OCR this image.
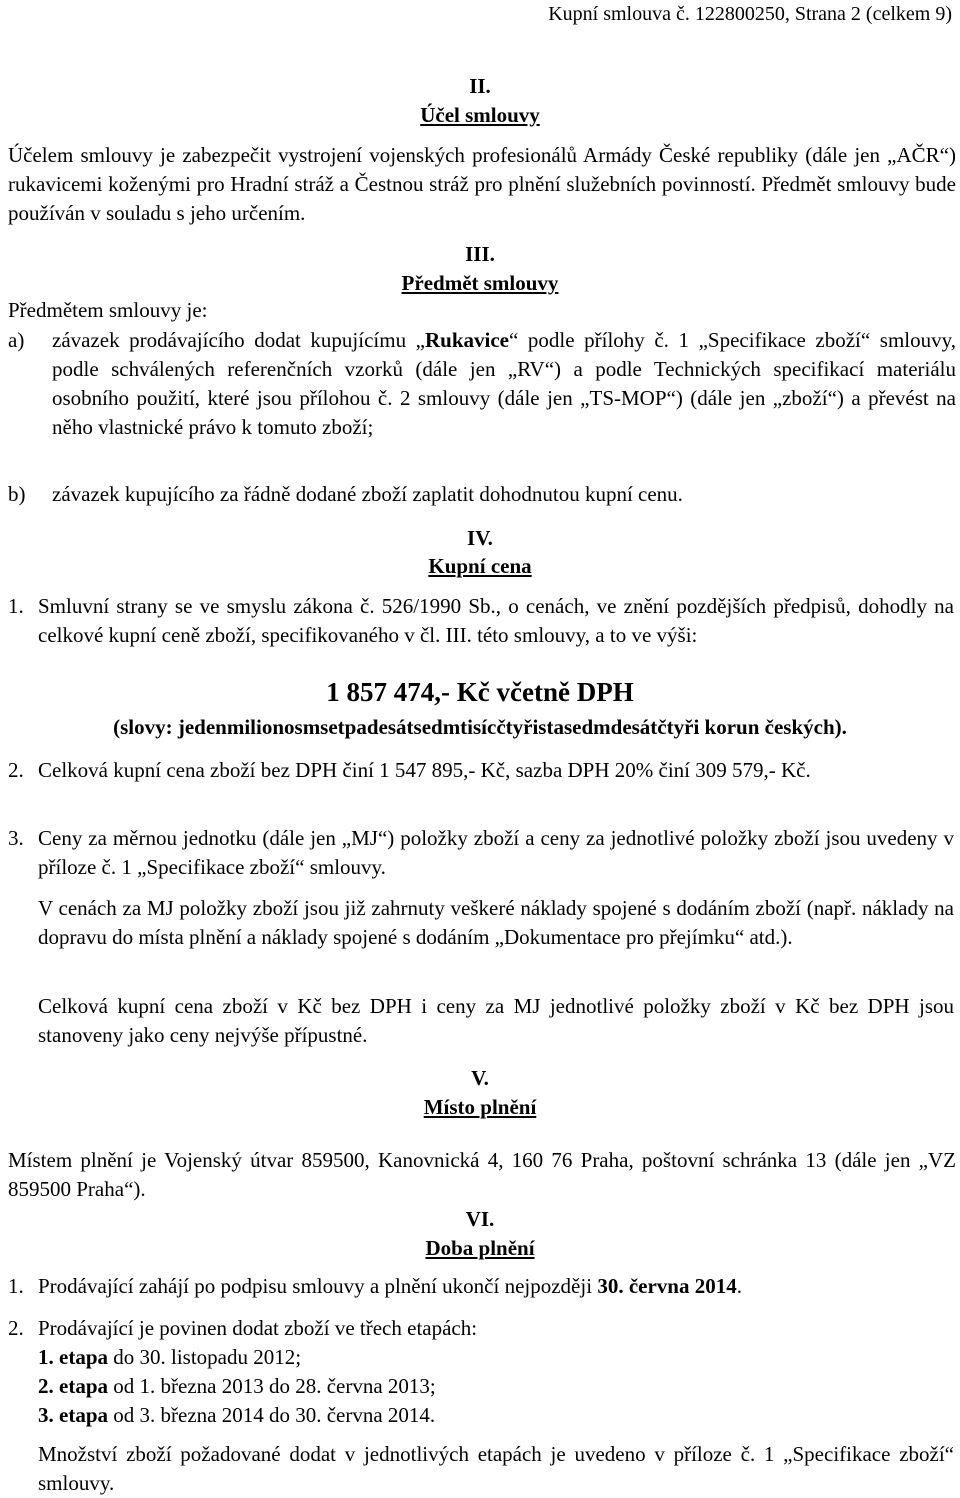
Kupní smlouva č. 122800250, Strana 2 (celkem 9)
II.
Účel smlouvy
Účelem smlouvy je zabezpečit vystrojení vojenských profesionálů Armády České republiky (dále jen „AČR“) rukavicemi koženými pro Hradní stráž a Čestnou stráž pro plnění služebních povinností. Předmět smlouvy bude používán v souladu s jeho určením.
III.
Předmět smlouvy
Předmětem smlouvy je:
a) závazek prodávajícího dodat kupujícímu „Rukavice“ podle přílohy č. 1 „Specifikace zboží“ smlouvy, podle schválených referenčních vzorků (dále jen „RV“) a podle Technických specifikací materiálu osobního použití, které jsou přílohou č. 2 smlouvy (dále jen „TS-MOP“) (dále jen „zboží“) a převést na něho vlastnické právo k tomuto zboží;
b) závazek kupujícího za řádně dodané zboží zaplatit dohodnutou kupní cenu.
IV.
Kupní cena
1. Smluvní strany se ve smyslu zákona č. 526/1990 Sb., o cenách, ve znění pozdějších předpisů, dohodly na celkové kupní ceně zboží, specifikovaného v čl. III. této smlouvy, a to ve výši:
1 857 474,- Kč včetně DPH
(slovy: jedenmilionosmsetpadesátsedmtisícčtyřistasedmdesátčtyři korun českých).
2. Celková kupní cena zboží bez DPH činí 1 547 895,- Kč, sazba DPH 20% činí 309 579,- Kč.
3. Ceny za měrnou jednotku (dále jen „MJ“) položky zboží a ceny za jednotlivé položky zboží jsou uvedeny v příloze č. 1 „Specifikace zboží“ smlouvy.
V cenách za MJ položky zboží jsou již zahrnuty veškeré náklady spojené s dodáním zboží (např. náklady na dopravu do místa plnění a náklady spojené s dodáním „Dokumentace pro přejímku“ atd.).
Celková kupní cena zboží v Kč bez DPH i ceny za MJ jednotlivé položky zboží v Kč bez DPH jsou stanoveny jako ceny nejvýše přípustné.
V.
Místo plnění
Místem plnění je Vojenský útvar 859500, Kanovnická 4, 160 76 Praha, poštovní schránka 13 (dále jen „VZ 859500 Praha“).
VI.
Doba plnění
1. Prodávající zahájí po podpisu smlouvy a plnění ukončí nejpozději 30. června 2014.
2. Prodávající je povinen dodat zboží ve třech etapách:
1. etapa do 30. listopadu 2012;
2. etapa od 1. března 2013 do 28. června 2013;
3. etapa od 3. března 2014 do 30. června 2014.
Množství zboží požadované dodat v jednotlivých etapách je uvedeno v příloze č. 1 „Specifikace zboží“ smlouvy.
